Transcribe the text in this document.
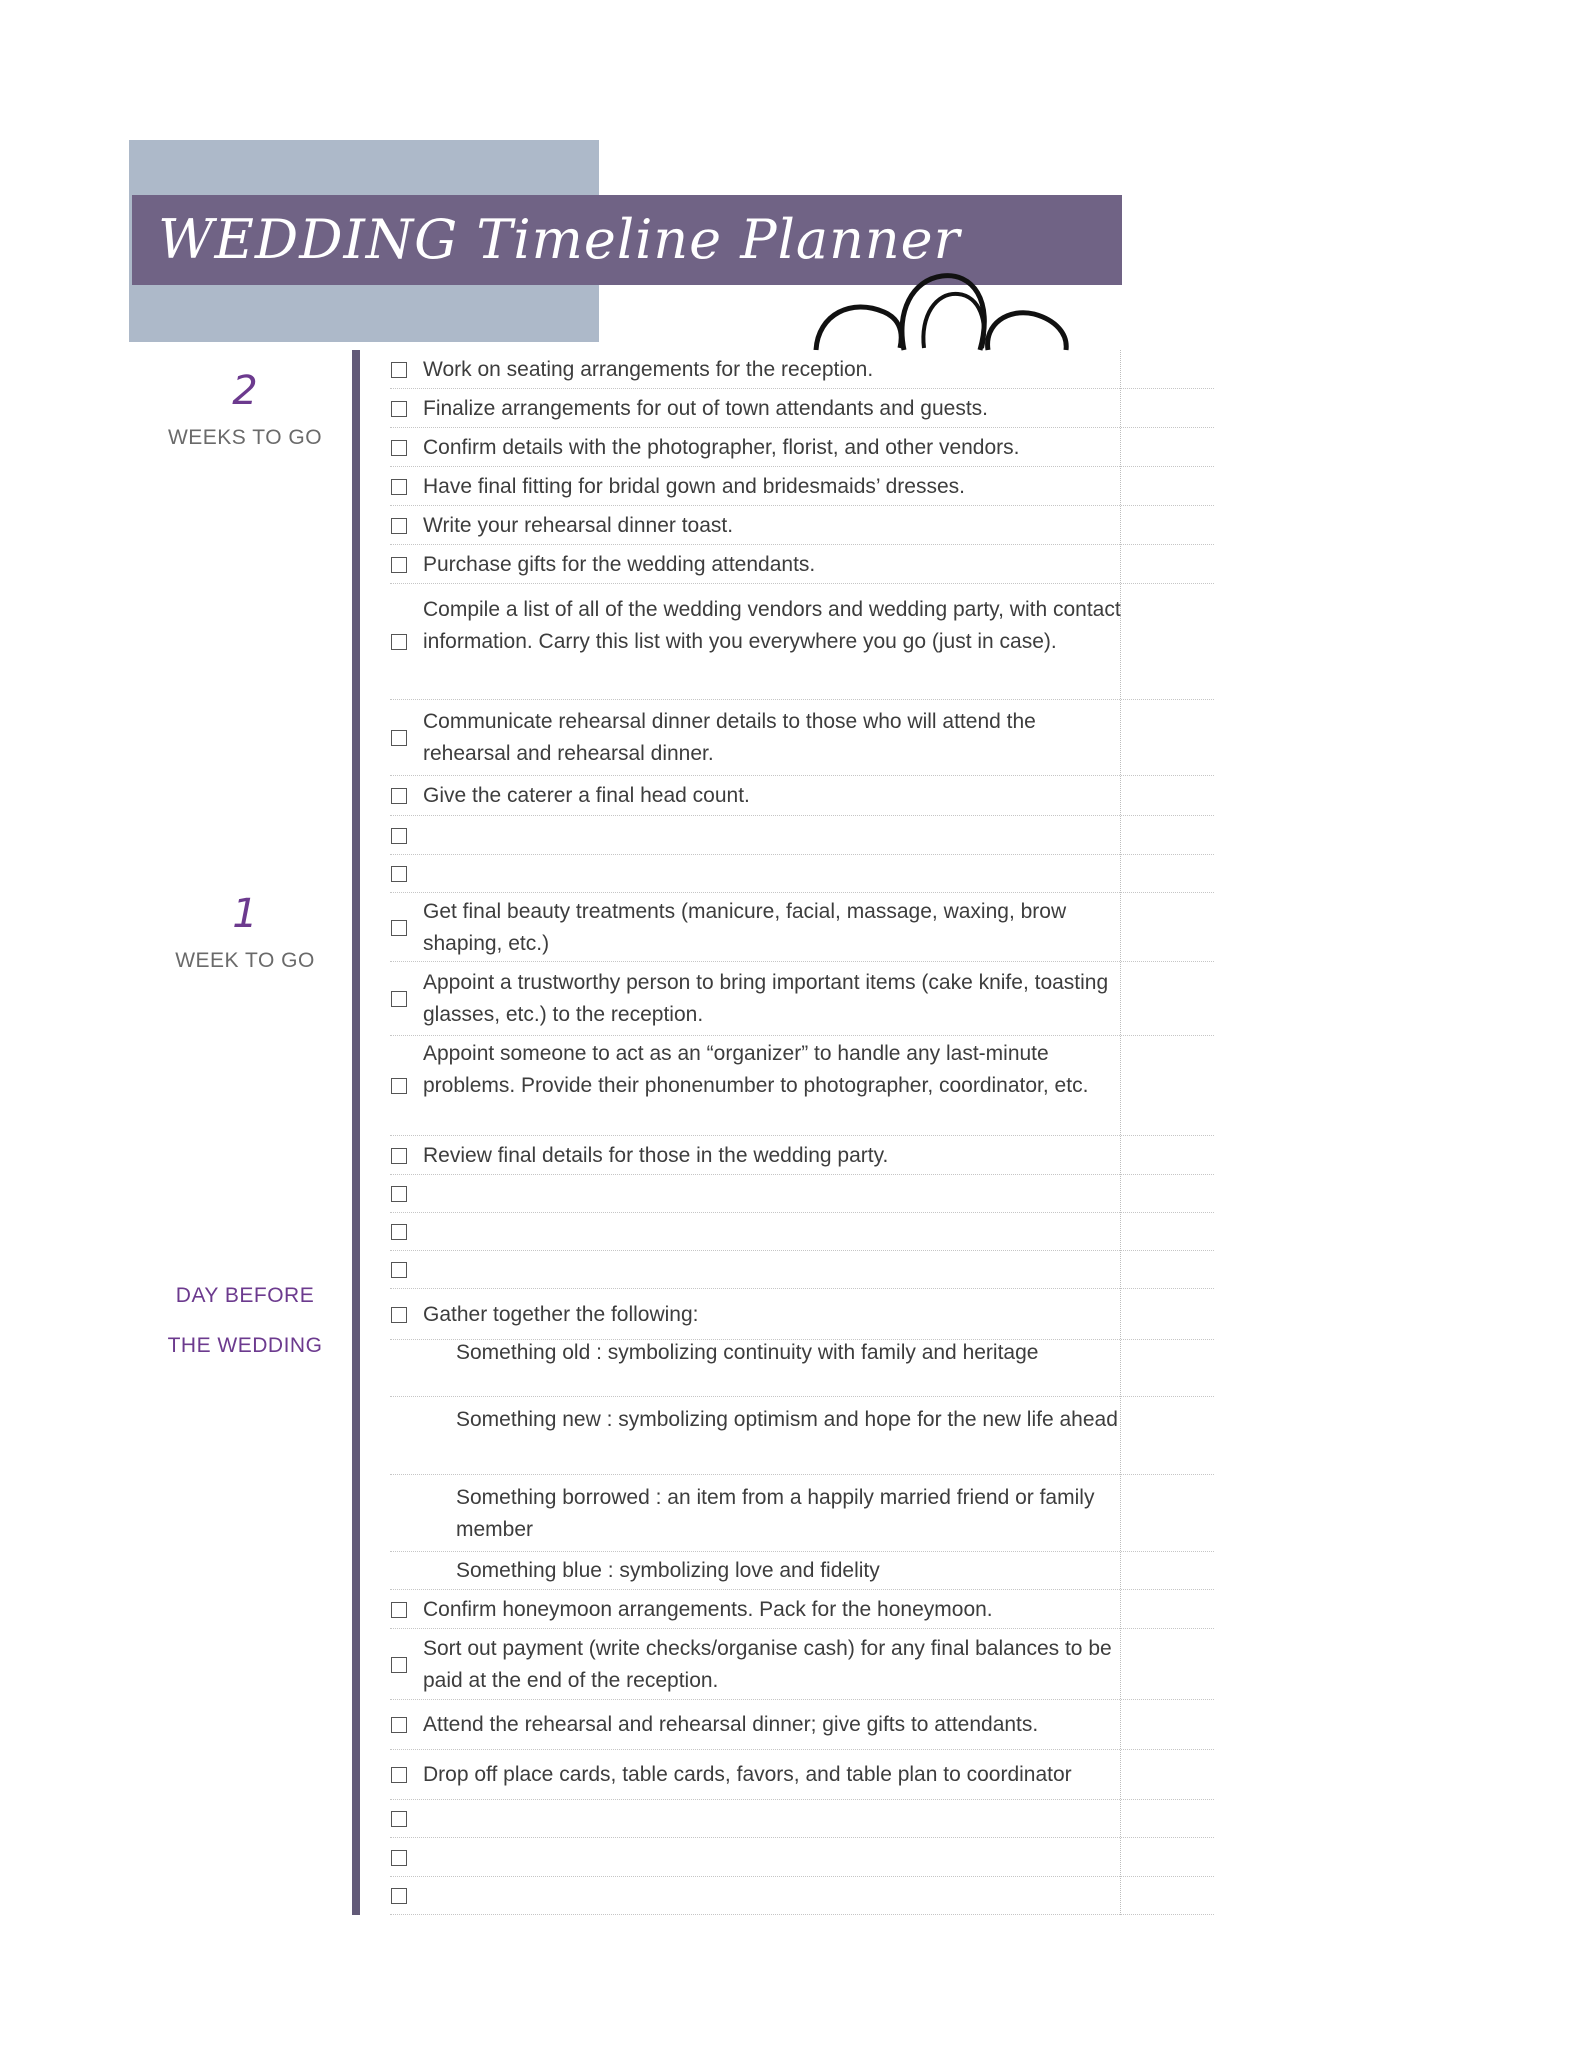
WEDDING Timeline Planner
2
WEEKS TO GO
1
WEEK TO GO
DAY BEFORE
THE WEDDING
Work on seating arrangements for the reception.
Finalize arrangements for out of town attendants and guests.
Confirm details with the photographer, florist, and other vendors.
Have final fitting for bridal gown and bridesmaids’ dresses.
Write your rehearsal dinner toast.
Purchase gifts for the wedding attendants.
Compile a list of all of the wedding vendors and wedding party, with contact information. Carry this list with you everywhere you go (just in case).
Communicate rehearsal dinner details to those who will attend the rehearsal and rehearsal dinner.
Give the caterer a final head count.
Get final beauty treatments (manicure, facial, massage, waxing, brow shaping, etc.)
Appoint a trustworthy person to bring important items (cake knife, toasting glasses, etc.) to the reception.
Appoint someone to act as an “organizer” to handle any last-minute problems. Provide their phonenumber to photographer, coordinator, etc.
Review final details for those in the wedding party.
Gather together the following:
Something old : symbolizing continuity with family and heritage
Something new : symbolizing optimism and hope for the new life ahead
Something borrowed : an item from a happily married friend or family member
Something blue : symbolizing love and fidelity
Confirm honeymoon arrangements. Pack for the honeymoon.
Sort out payment (write checks/organise cash) for any final balances to be paid at the end of the reception.
Attend the rehearsal and rehearsal dinner; give gifts to attendants.
Drop off place cards, table cards, favors, and table plan to coordinator
